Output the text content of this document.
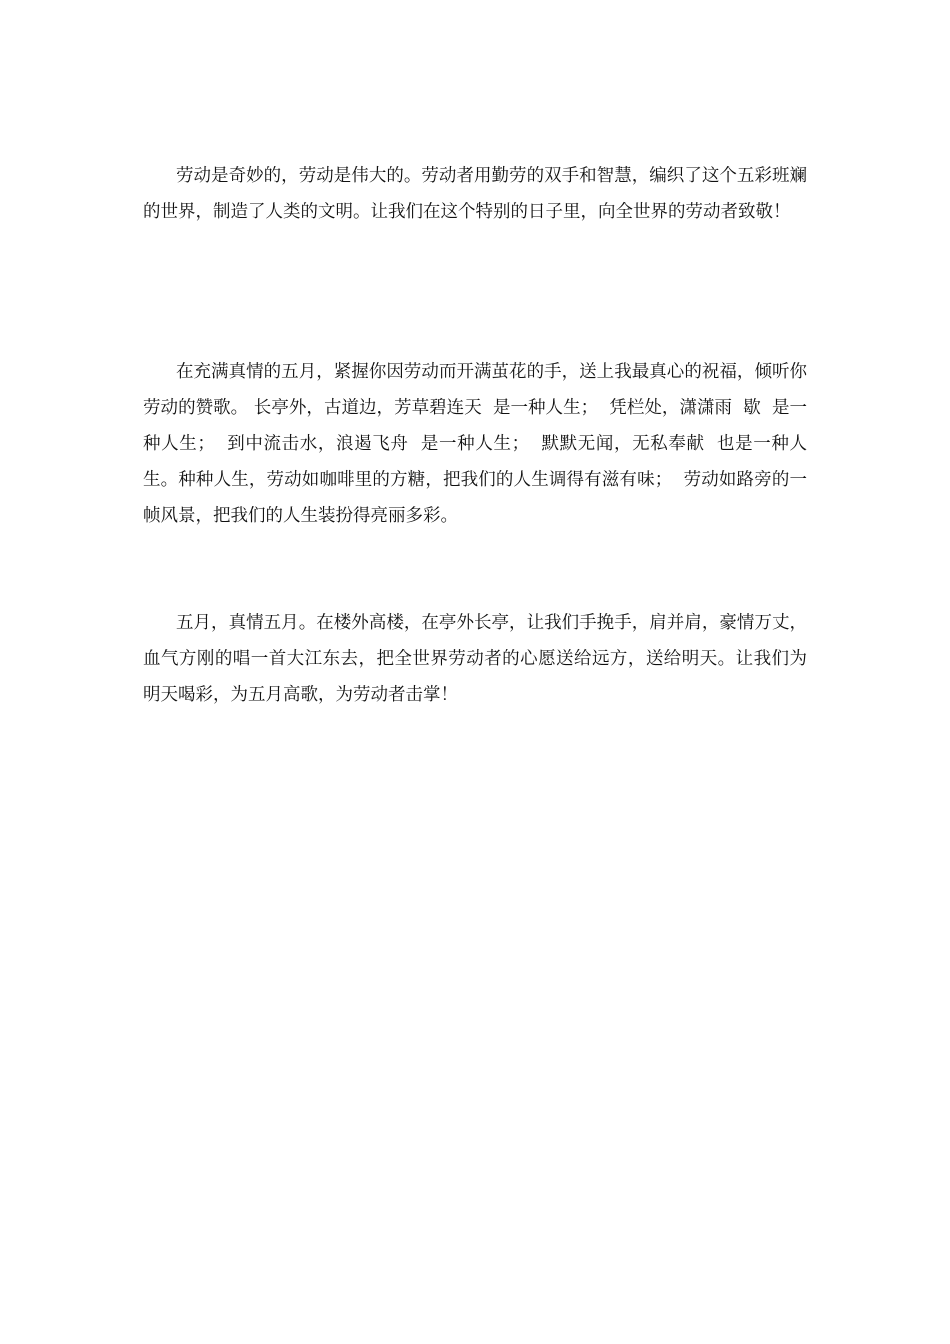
劳动是奇妙的，劳动是伟大的。劳动者用勤劳的双手和智慧，编织了这个五彩班斓的世界，制造了人类的文明。让我们在这个特别的日子里，向全世界的劳动者致敬！

在充满真情的五月，紧握你因劳动而开满茧花的手，送上我最真心的祝福，倾听你劳动的赞歌。 长亭外，古道边，芳草碧连天  是一种人生；  凭栏处，潇潇雨  歇  是一种人生；  到中流击水，浪遏飞舟  是一种人生；  默默无闻，无私奉献  也是一种人生。种种人生，劳动如咖啡里的方糖，把我们的人生调得有滋有味；  劳动如路旁的一帧风景，把我们的人生装扮得亮丽多彩。

五月，真情五月。在楼外高楼，在亭外长亭，让我们手挽手，肩并肩，豪情万丈，血气方刚的唱一首大江东去，把全世界劳动者的心愿送给远方，送给明天。让我们为明天喝彩，为五月高歌，为劳动者击掌！
